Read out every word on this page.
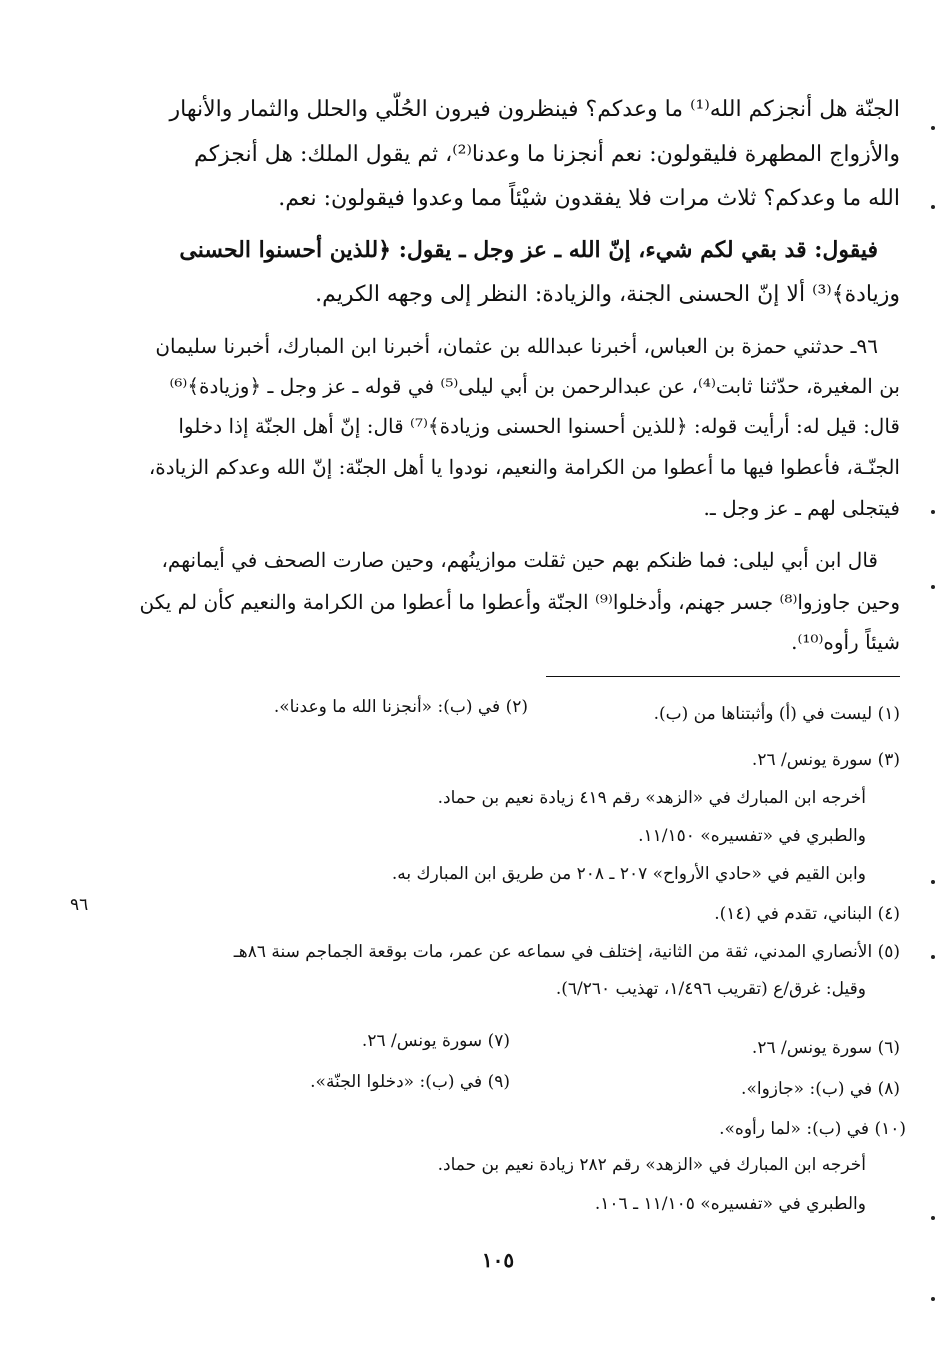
الجنّة هل أنجزكم الله⁽¹⁾ ما وعدكم؟ فينظرون فيرون الحُلّي والحلل والثمار والأنهار
والأزواج المطهرة فليقولون: نعم أنجزنا ما وعدنا⁽²⁾، ثم يقول الملك: هل أنجزكم
الله ما وعدكم؟ ثلاث مرات فلا يفقدون شيْئاً مما وعدوا فيقولون: نعم.
فيقول: قد بقي لكم شيء، إنّ الله ـ عز وجل ـ يقول: ﴿للذين أحسنوا الحسنى
وزيادة﴾⁽³⁾ ألا إنّ الحسنى الجنة، والزيادة: النظر إلى وجهه الكريم.
٩٦ـ حدثني حمزة بن العباس، أخبرنا عبدالله بن عثمان، أخبرنا ابن المبارك، أخبرنا سليمان
بن المغيرة، حدّثنا ثابت⁽⁴⁾، عن عبدالرحمن بن أبي ليلى⁽⁵⁾ في قوله ـ عز وجل ـ ﴿وزيادة﴾⁽⁶⁾
قال: قيل له: أرأيت قوله: ﴿للذين أحسنوا الحسنى وزيادة﴾⁽⁷⁾ قال: إنّ أهل الجنّة إذا دخلوا
الجنّـة، فأعطوا فيها ما أعطوا من الكرامة والنعيم، نودوا يا أهل الجنّة: إنّ الله وعدكم الزيادة،
فيتجلى لهم ـ عز وجل ـ.
قال ابن أبي ليلى: فما ظنكم بهم حين ثقلت موازينُهم، وحين صارت الصحف في أيمانهم،
وحين جاوزوا⁽⁸⁾ جسر جهنم، وأدخلوا⁽⁹⁾ الجنّة وأعطوا ما أعطوا من الكرامة والنعيم كأن لم يكن
شيئاً رأوه⁽¹⁰⁾.
(١) ليست في (أ) وأثبتناها من (ب).
(٢) في (ب): «أنجزنا الله ما وعدنا».
(٣) سورة يونس/ ٢٦.
أخرجه ابن المبارك في «الزهد» رقم ٤١٩ زيادة نعيم بن حماد.
والطبري في «تفسيره» ١١/١٥٠.
وابن القيم في «حادي الأرواح» ٢٠٧ ـ ٢٠٨ من طريق ابن المبارك به.
(٤) البناني، تقدم في (١٤).
(٥) الأنصاري المدني، ثقة من الثانية، إختلف في سماعه عن عمر، مات بوقعة الجماجم سنة ٨٦هـ
وقيل: غرق/ع (تقريب ١/٤٩٦، تهذيب ٦/٢٦٠).
(٦) سورة يونس/ ٢٦.
(٧) سورة يونس/ ٢٦.
(٨) في (ب): «جازوا».
(٩) في (ب): «دخلوا الجنّة».
(١٠) في (ب): «لما رأوه».
أخرجه ابن المبارك في «الزهد» رقم ٢٨٢ زيادة نعيم بن حماد.
والطبري في «تفسيره» ١١/١٠٥ ـ ١٠٦.
٩٦
١٠٥
